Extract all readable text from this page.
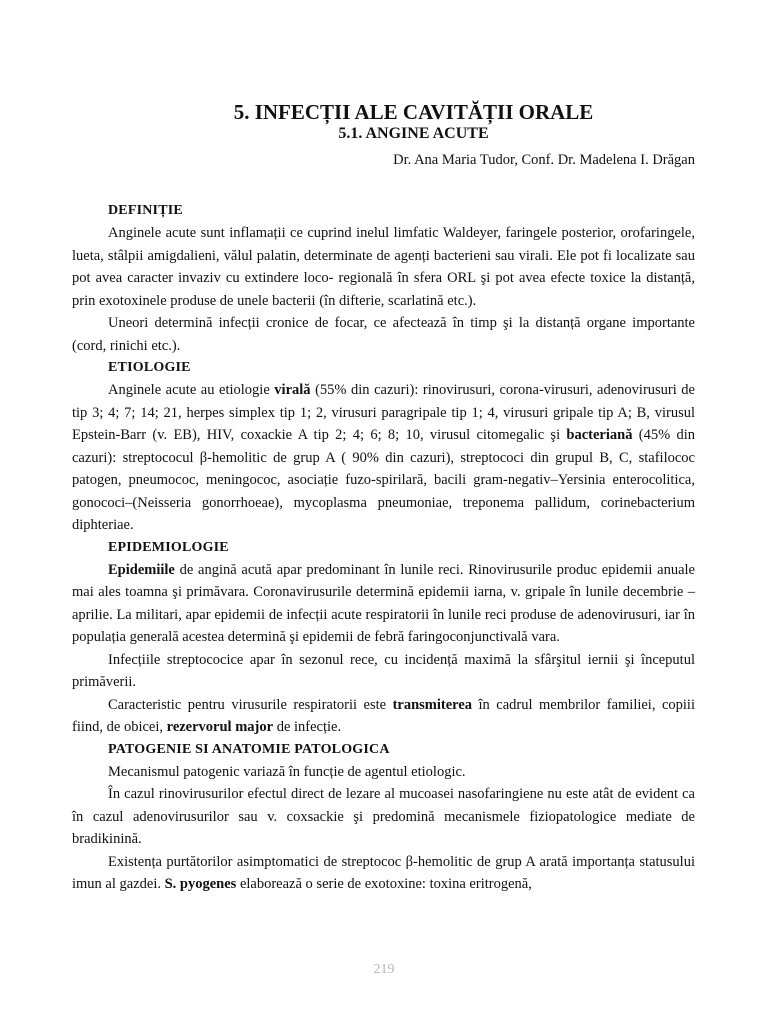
5. INFECȚII ALE CAVITĂȚII ORALE
5.1. ANGINE ACUTE
Dr. Ana Maria Tudor, Conf. Dr. Madelena I. Drăgan
DEFINIȚIE

Anginele acute sunt inflamații ce cuprind inelul limfatic Waldeyer, faringele posterior, orofaringele, lueta, stâlpii amigdalieni, vălul palatin, determinate de agenți bacterieni sau virali. Ele pot fi localizate sau pot avea caracter invaziv cu extindere loco- regională în sfera ORL şi pot avea efecte toxice la distanță, prin exotoxinele produse de unele bacterii (în difterie, scarlatină etc.).

Uneori determină infecții cronice de focar, ce afectează în timp şi la distanță organe importante (cord, rinichi etc.).

ETIOLOGIE

Anginele acute au etiologie virală (55% din cazuri): rinovirusuri, corona-virusuri, adenovirusuri de tip 3; 4; 7; 14; 21, herpes simplex tip 1; 2, virusuri paragripale tip 1; 4, virusuri gripale tip A; B, virusul Epstein-Barr (v. EB), HIV, coxackie A tip 2; 4; 6; 8; 10, virusul citomegalic şi bacteriană (45% din cazuri): streptococul β-hemolitic de grup A ( 90% din cazuri), streptococi din grupul B, C, stafilococ patogen, pneumococ, meningococ, asociație fuzo-spirilară, bacili gram-negativ–Yersinia enterocolitica, gonococi–(Neisseria gonorrhoeae), mycoplasma pneumoniae, treponema pallidum, corinebacterium diphteriae.

EPIDEMIOLOGIE

Epidemiile de angină acută apar predominant în lunile reci. Rinovirusurile produc epidemii anuale mai ales toamna şi primăvara. Coronavirusurile determină epidemii iarna, v. gripale în lunile decembrie – aprilie. La militari, apar epidemii de infecții acute respiratorii în lunile reci produse de adenovirusuri, iar în populația generală acestea determină şi epidemii de febră faringoconjunctivală vara.

Infecțiile streptococice apar în sezonul rece, cu incidență maximă la sfârşitul iernii şi începutul primăverii.

Caracteristic pentru virusurile respiratorii este transmiterea în cadrul membrilor familiei, copiii fiind, de obicei, rezervorul major de infecție.

PATOGENIE SI ANATOMIE PATOLOGICA

Mecanismul patogenic variază în funcție de agentul etiologic.

În cazul rinovirusurilor efectul direct de lezare al mucoasei nasofaringiene nu este atât de evident ca în cazul adenovirusurilor sau v. coxsackie şi predomină mecanismele fiziopatologice mediate de bradikinină.

Existența purtătorilor asimptomatici de streptococ β-hemolitic de grup A arată importanța statusului imun al gazdei. S. pyogenes elaborează o serie de exotoxine: toxina eritrogenă,

219
